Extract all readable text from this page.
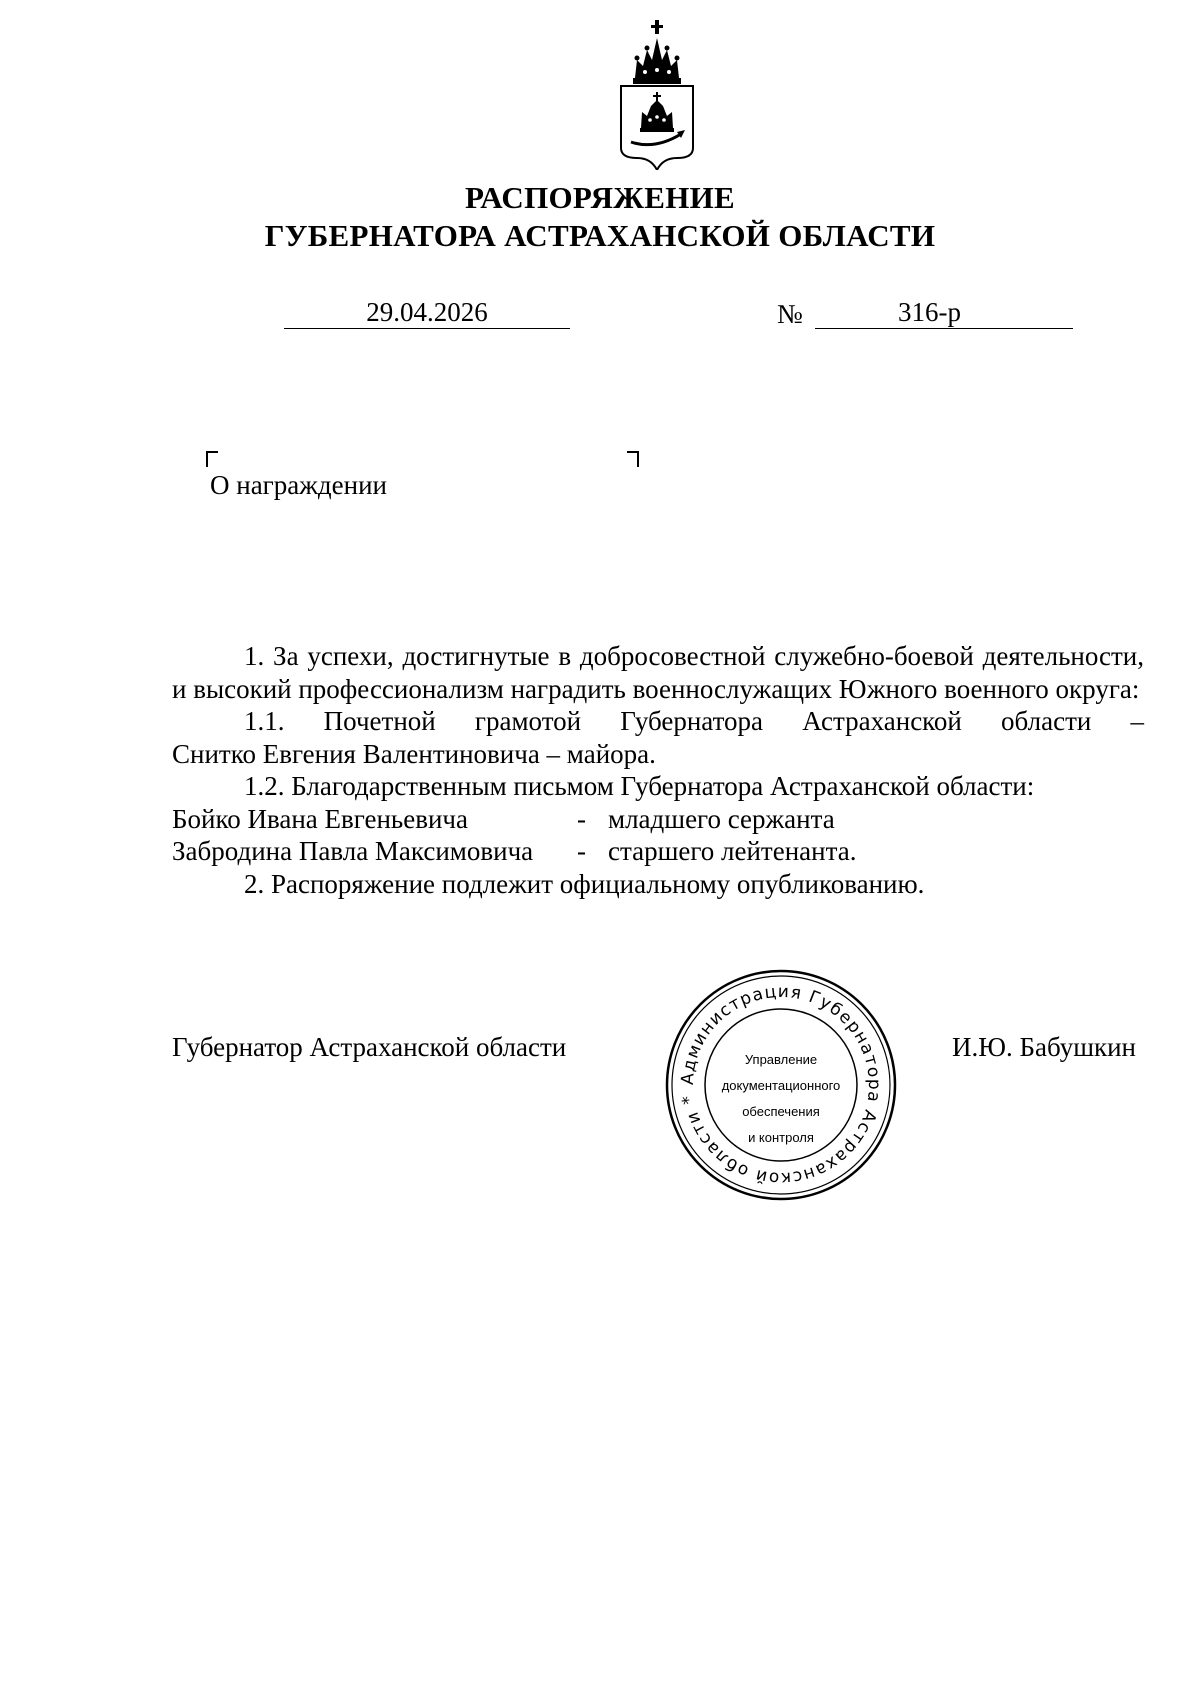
РАСПОРЯЖЕНИЕ
ГУБЕРНАТОРА АСТРАХАНСКОЙ ОБЛАСТИ
29.04.2026	№	316-р
О награждении

1. За успехи, достигнутые в добросовестной служебно-боевой деятельности, и высокий профессионализм наградить военнослужащих Южного военного округа:

1.1. Почетной грамотой Губернатора Астраханской области –

Снитко Евгения Валентиновича – майора.

1.2. Благодарственным письмом Губернатора Астраханской области:

Бойко Ивана Евгеньевича	- младшего сержанта
Забродина Павла Максимовича - старшего лейтенанта.

2. Распоряжение подлежит официальному опубликованию.

Губернатор Астраханской области	И.Ю. Бабушкин
Администрация Губернатора Астраханской области *
Управление
документационного
обеспечения
и контроля
